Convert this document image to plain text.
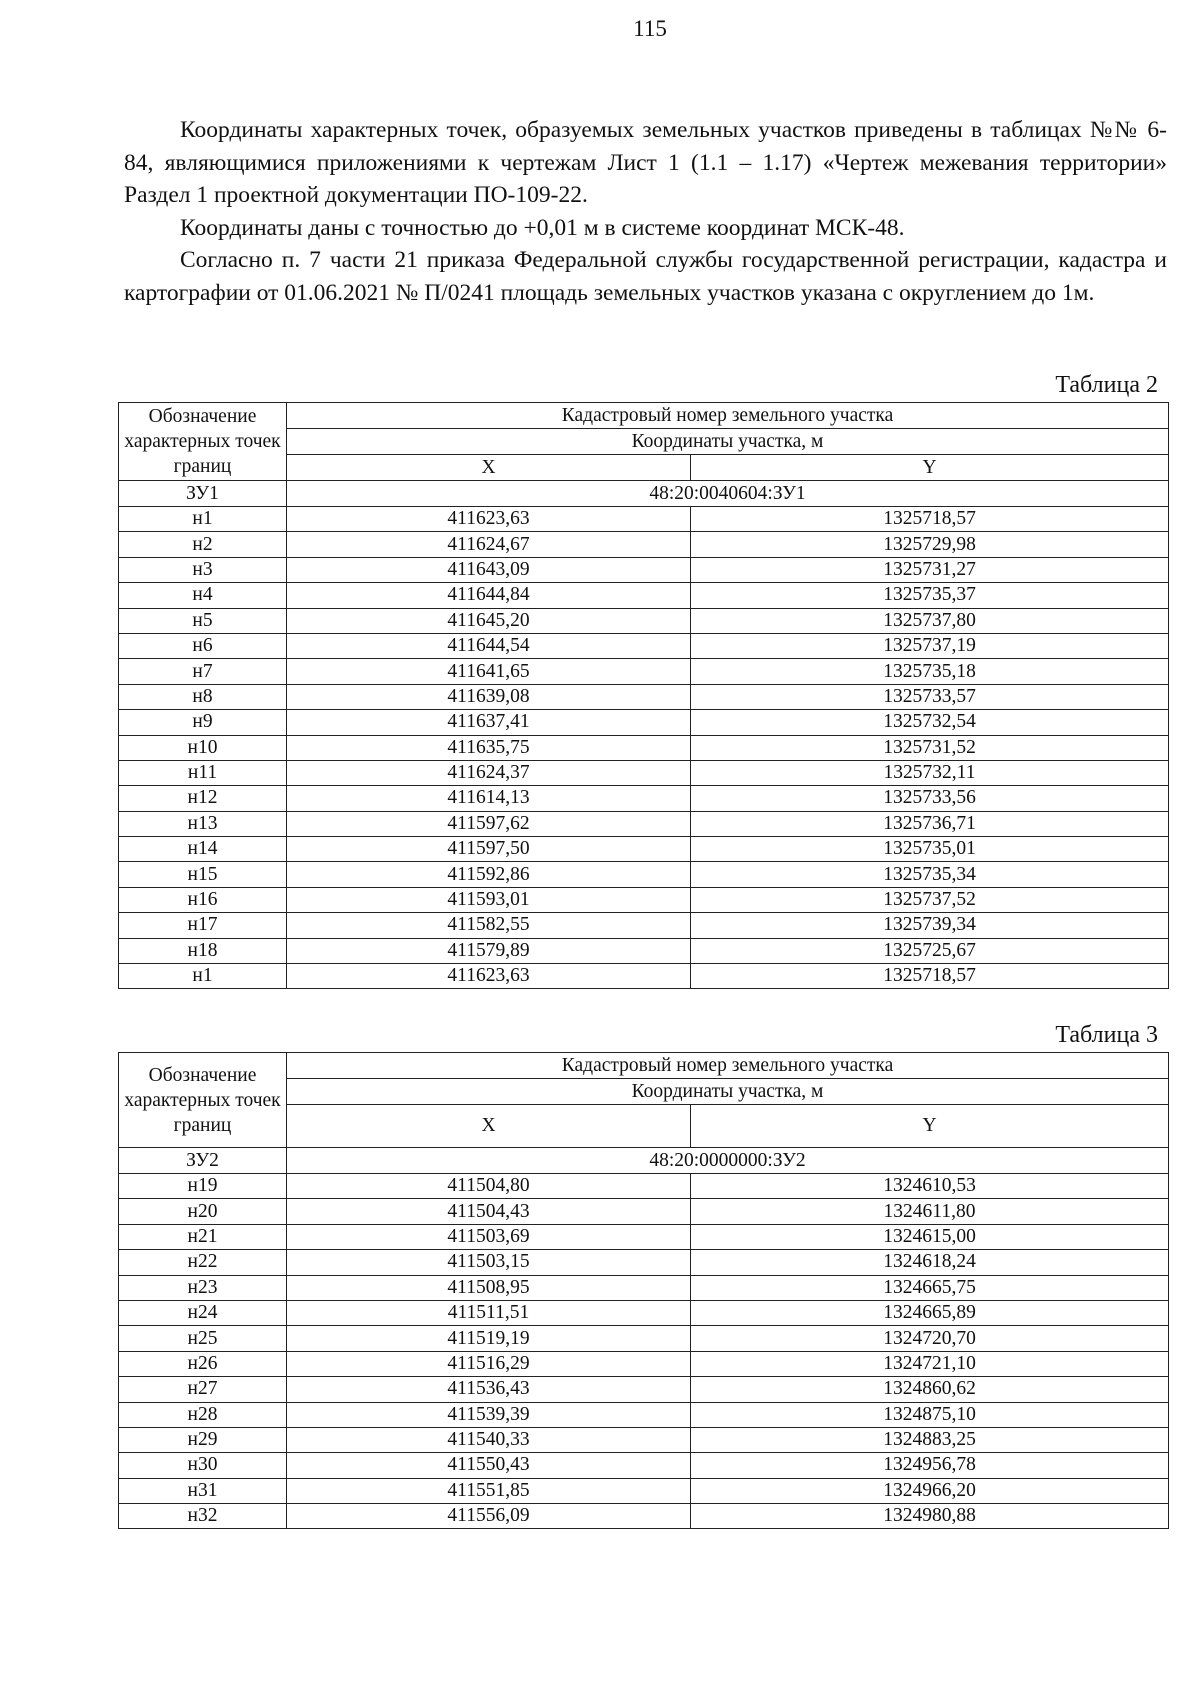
115

Координаты характерных точек, образуемых земельных участков приведены в таблицах №№ 6-84, являющимися приложениями к чертежам Лист 1 (1.1 – 1.17) «Чертеж межевания территории» Раздел 1 проектной документации ПО-109-22.

Координаты даны с точностью до +0,01 м в системе координат МСК-48.

Согласно п. 7 части 21 приказа Федеральной службы государственной регистрации, кадастра и картографии от 01.06.2021 № П/0241 площадь земельных участков указана с округлением до 1м.

Таблица 2
Обозначение характерных точек границ	Кадастровый номер земельного участка	
	Координаты участка, м	
	X	Y
ЗУ1	48:20:0040604:ЗУ1	
н1	411623,63	1325718,57
н2	411624,67	1325729,98
н3	411643,09	1325731,27
н4	411644,84	1325735,37
н5	411645,20	1325737,80
н6	411644,54	1325737,19
н7	411641,65	1325735,18
н8	411639,08	1325733,57
н9	411637,41	1325732,54
н10	411635,75	1325731,52
н11	411624,37	1325732,11
н12	411614,13	1325733,56
н13	411597,62	1325736,71
н14	411597,50	1325735,01
н15	411592,86	1325735,34
н16	411593,01	1325737,52
н17	411582,55	1325739,34
н18	411579,89	1325725,67
н1	411623,63	1325718,57
Таблица 3
Обозначение характерных точек границ	Кадастровый номер земельного участка	
	Координаты участка, м	
	X	Y
ЗУ2	48:20:0000000:ЗУ2	
н19	411504,80	1324610,53
н20	411504,43	1324611,80
н21	411503,69	1324615,00
н22	411503,15	1324618,24
н23	411508,95	1324665,75
н24	411511,51	1324665,89
н25	411519,19	1324720,70
н26	411516,29	1324721,10
н27	411536,43	1324860,62
н28	411539,39	1324875,10
н29	411540,33	1324883,25
н30	411550,43	1324956,78
н31	411551,85	1324966,20
н32	411556,09	1324980,88
